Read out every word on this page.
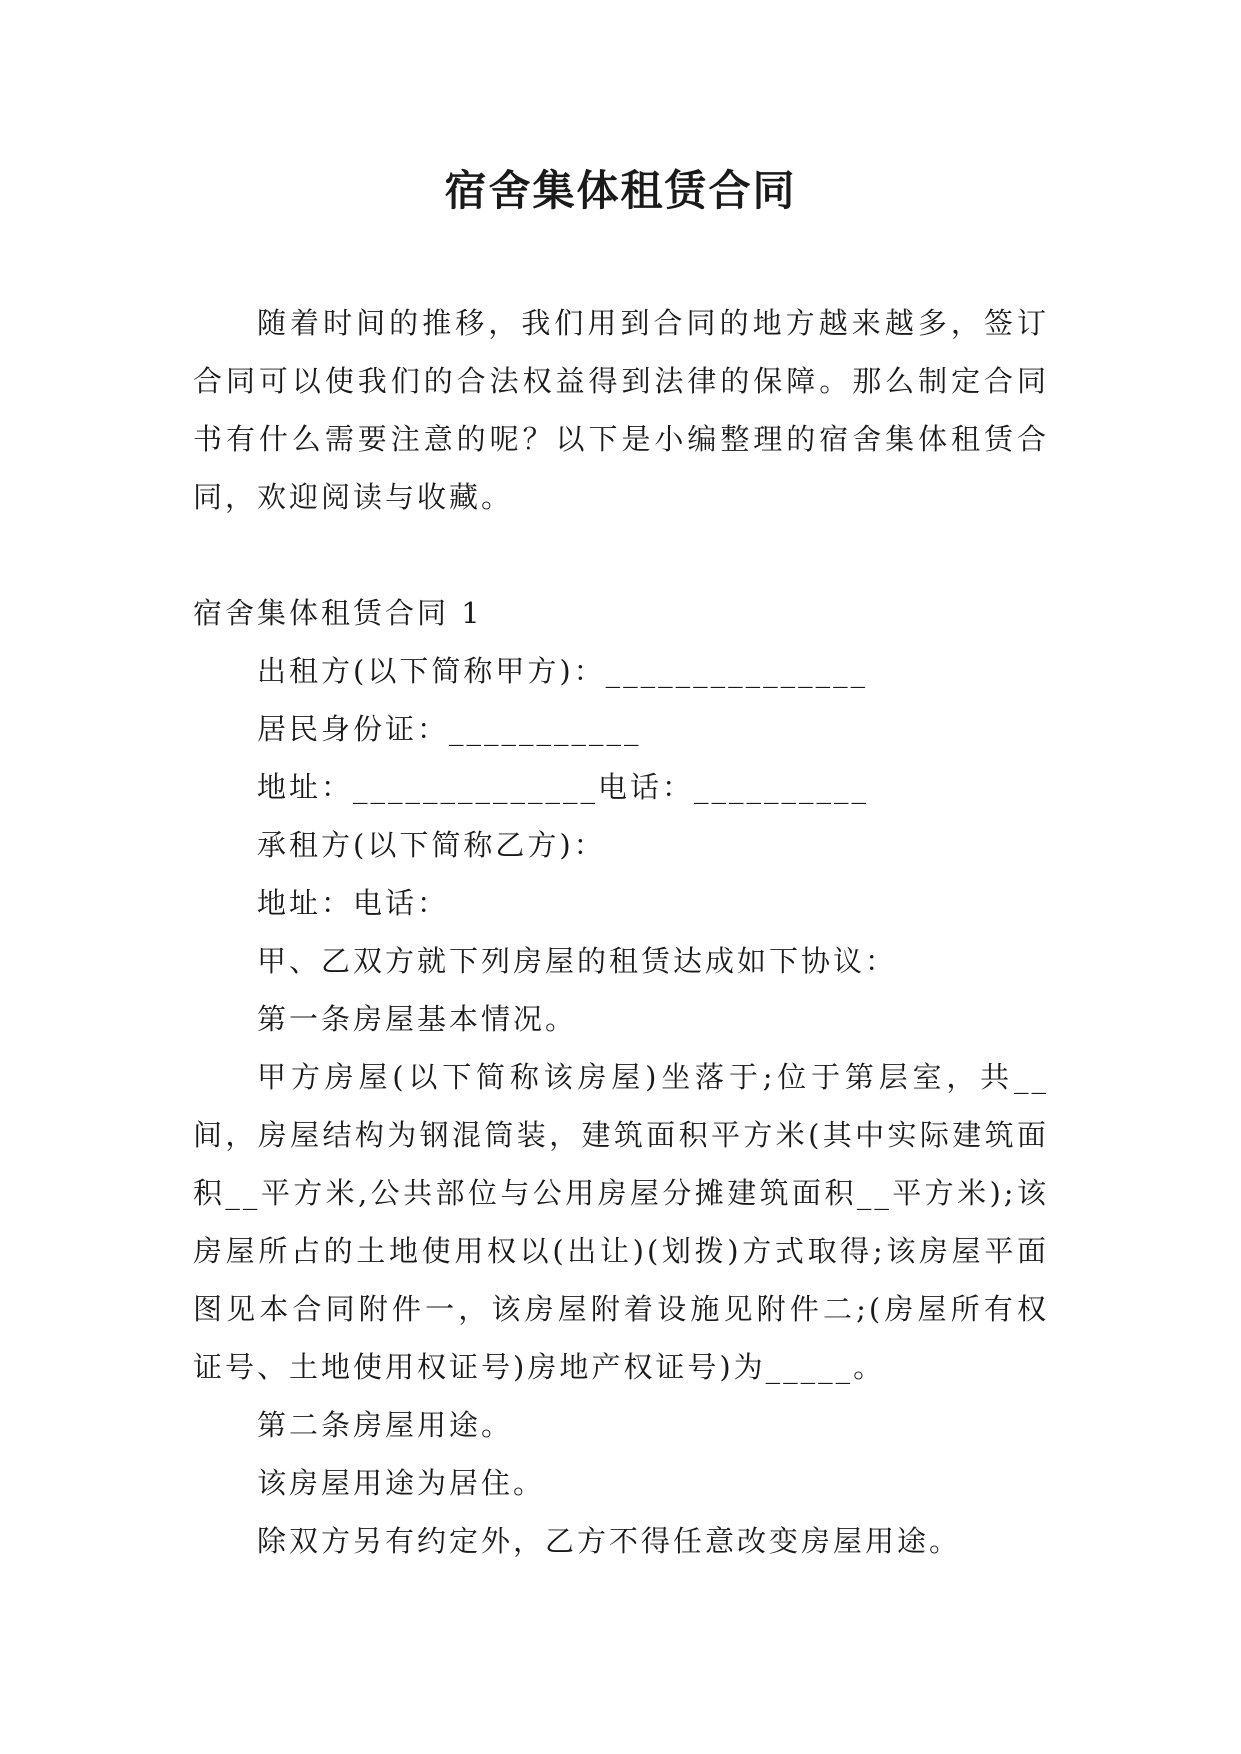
宿舍集体租赁合同

随着时间的推移，我们用到合同的地方越来越多，签订合同可以使我们的合法权益得到法律的保障。那么制定合同书有什么需要注意的呢？以下是小编整理的宿舍集体租赁合同，欢迎阅读与收藏。

宿舍集体租赁合同 1

出租方(以下简称甲方)：_______________

居民身份证：___________

地址：______________电话：__________

承租方(以下简称乙方)：

地址：电话：

甲、乙双方就下列房屋的租赁达成如下协议：

第一条房屋基本情况。

甲方房屋(以下简称该房屋)坐落于;位于第层室，共__间，房屋结构为钢混筒装，建筑面积平方米(其中实际建筑面积__平方米,公共部位与公用房屋分摊建筑面积__平方米);该房屋所占的土地使用权以(出让)(划拨)方式取得;该房屋平面图见本合同附件一，该房屋附着设施见附件二;(房屋所有权证号、土地使用权证号)房地产权证号)为_____。

第二条房屋用途。

该房屋用途为居住。

除双方另有约定外，乙方不得任意改变房屋用途。
